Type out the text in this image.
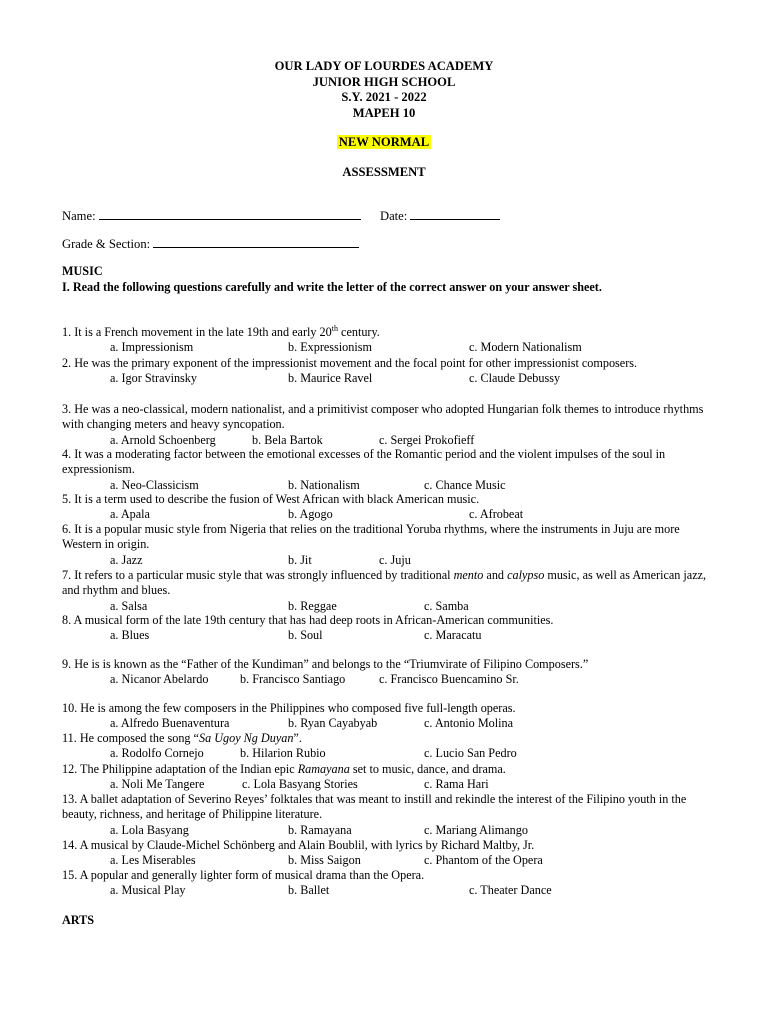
OUR LADY OF LOURDES ACADEMY
JUNIOR HIGH SCHOOL
S.Y. 2021 - 2022
MAPEH 10
NEW NORMAL
ASSESSMENT
Name:	Date:
Grade & Section:
MUSIC
I. Read the following questions carefully and write the letter of the correct answer on your answer sheet.
1. It is a French movement in the late 19th and early 20th century.
a. Impressionism	b. Expressionism	c. Modern Nationalism
2. He was the primary exponent of the impressionist movement and the focal point for other impressionist composers.
a. Igor Stravinsky	b. Maurice Ravel	c. Claude Debussy
3. He was a neo-classical, modern nationalist, and a primitivist composer who adopted Hungarian folk themes to introduce rhythms with changing meters and heavy syncopation.
a. Arnold Schoenberg	b. Bela Bartok	c. Sergei Prokofieff
4. It was a moderating factor between the emotional excesses of the Romantic period and the violent impulses of the soul in expressionism.
a. Neo-Classicism	b. Nationalism	c. Chance Music
5. It is a term used to describe the fusion of West African with black American music.
a. Apala	b. Agogo	c. Afrobeat
6. It is a popular music style from Nigeria that relies on the traditional Yoruba rhythms, where the instruments in Juju are more Western in origin.
a. Jazz	b. Jit	c. Juju
7. It refers to a particular music style that was strongly influenced by traditional mento and calypso music, as well as American jazz, and rhythm and blues.
a. Salsa	b. Reggae	c. Samba
8. A musical form of the late 19th century that has had deep roots in African-American communities.
a. Blues	b. Soul	c. Maracatu
9. He is is known as the “Father of the Kundiman” and belongs to the “Triumvirate of Filipino Composers.”
a. Nicanor Abelardo	b. Francisco Santiago	c. Francisco Buencamino Sr.
10. He is among the few composers in the Philippines who composed five full-length operas.
a. Alfredo Buenaventura	b. Ryan Cayabyab	c. Antonio Molina
11. He composed the song “Sa Ugoy Ng Duyan”.
a. Rodolfo Cornejo	b. Hilarion Rubio	c. Lucio San Pedro
12. The Philippine adaptation of the Indian epic Ramayana set to music, dance, and drama.
a. Noli Me Tangere	c. Lola Basyang Stories	c. Rama Hari
13. A ballet adaptation of Severino Reyes’ folktales that was meant to instill and rekindle the interest of the Filipino youth in the beauty, richness, and heritage of Philippine literature.
a. Lola Basyang	b. Ramayana	c. Mariang Alimango
14. A musical by Claude-Michel Schönberg and Alain Boublil, with lyrics by Richard Maltby, Jr.
a. Les Miserables	b. Miss Saigon	c. Phantom of the Opera
15. A popular and generally lighter form of musical drama than the Opera.
a. Musical Play	b. Ballet	c. Theater Dance
ARTS
